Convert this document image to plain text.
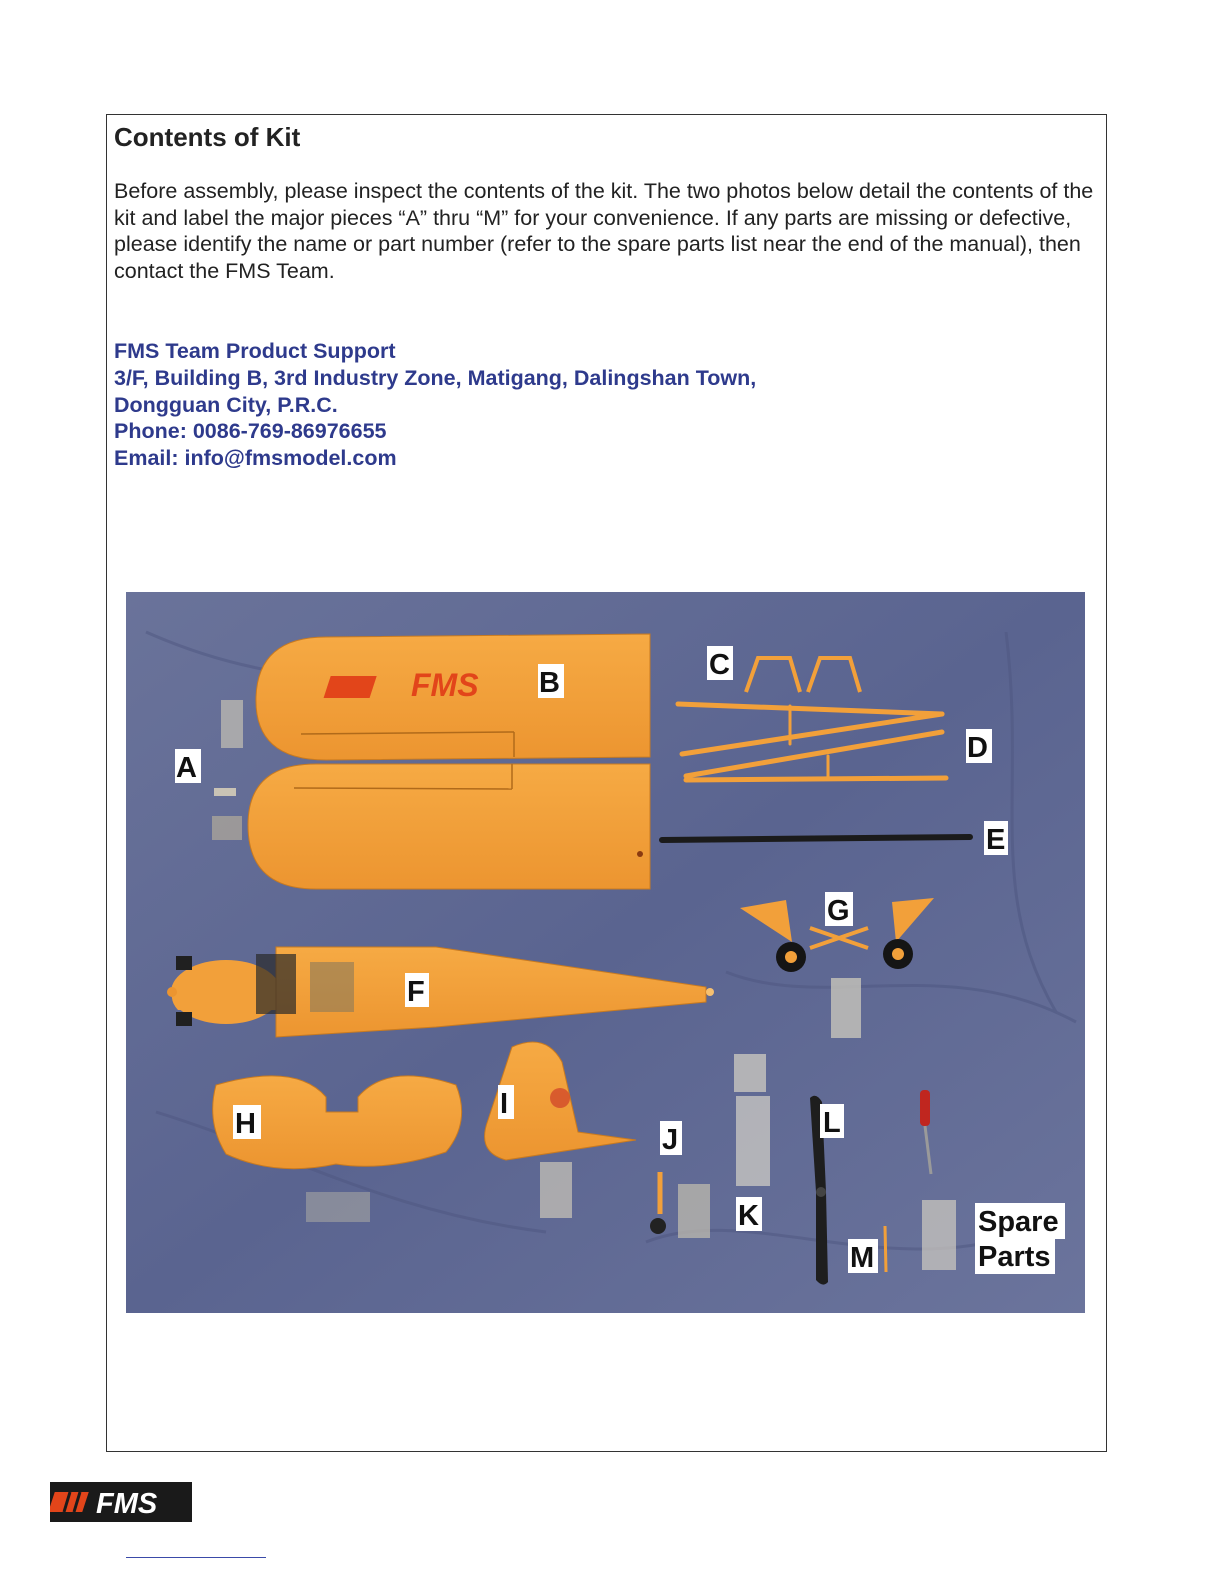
Contents of Kit
Before assembly, please inspect the contents of the kit. The two photos below detail the contents of the kit and label the major pieces “A” thru “M” for your convenience. If any parts are missing or defective, please identify the name or part number (refer to the spare parts list near the end of the manual), then contact the FMS Team.
FMS Team Product Support
3/F, Building B, 3rd Industry Zone, Matigang, Dalingshan Town,
Dongguan City, P.R.C.
Phone: 0086-769-86976655
Email: info@fmsmodel.com
FMS
A
B
C
D
E
G
F
H
I
J
K
L
M
Spare
Parts
FMS
